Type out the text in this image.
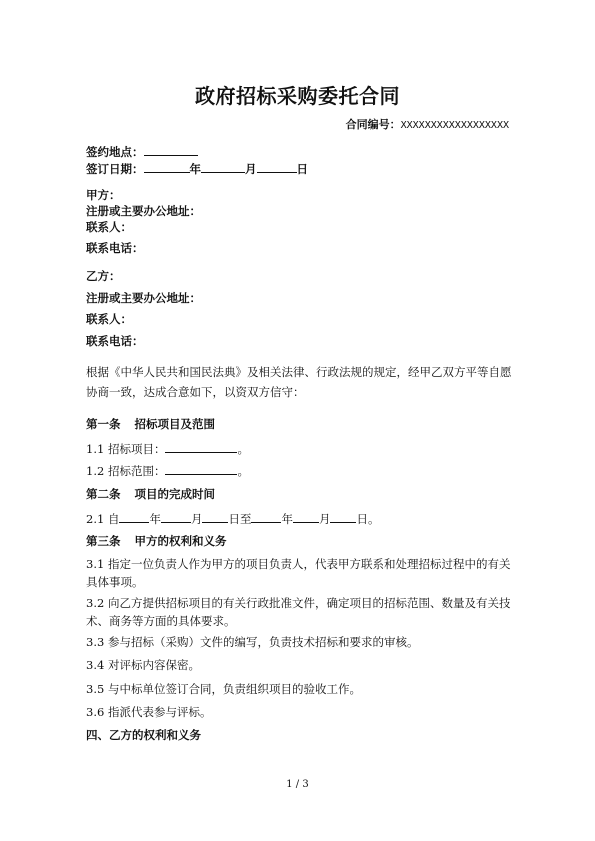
政府招标采购委托合同
合同编号：XXXXXXXXXXXXXXXXXX
签约地点：
签订日期：	年	月	日
甲方：
注册或主要办公地址：
联系人：
联系电话：
乙方：
注册或主要办公地址：
联系人：
联系电话：
根据《中华人民共和国民法典》及相关法律、行政法规的规定，经甲乙双方平等自愿协商一致，达成合意如下，以资双方信守：
第一条 招标项目及范围
1.1 招标项目：	。
1.2 招标范围：	。
第二条 项目的完成时间
2.1 自	年	月 日至	年 月 日。
第三条 甲方的权利和义务
3.1 指定一位负责人作为甲方的项目负责人，代表甲方联系和处理招标过程中的有关具体事项。
3.2 向乙方提供招标项目的有关行政批准文件，确定项目的招标范围、数量及有关技术、商务等方面的具体要求。
3.3 参与招标（采购）文件的编写，负责技术招标和要求的审核。
3.4 对评标内容保密。
3.5 与中标单位签订合同，负责组织项目的验收工作。
3.6 指派代表参与评标。
四、乙方的权利和义务
1 / 3
